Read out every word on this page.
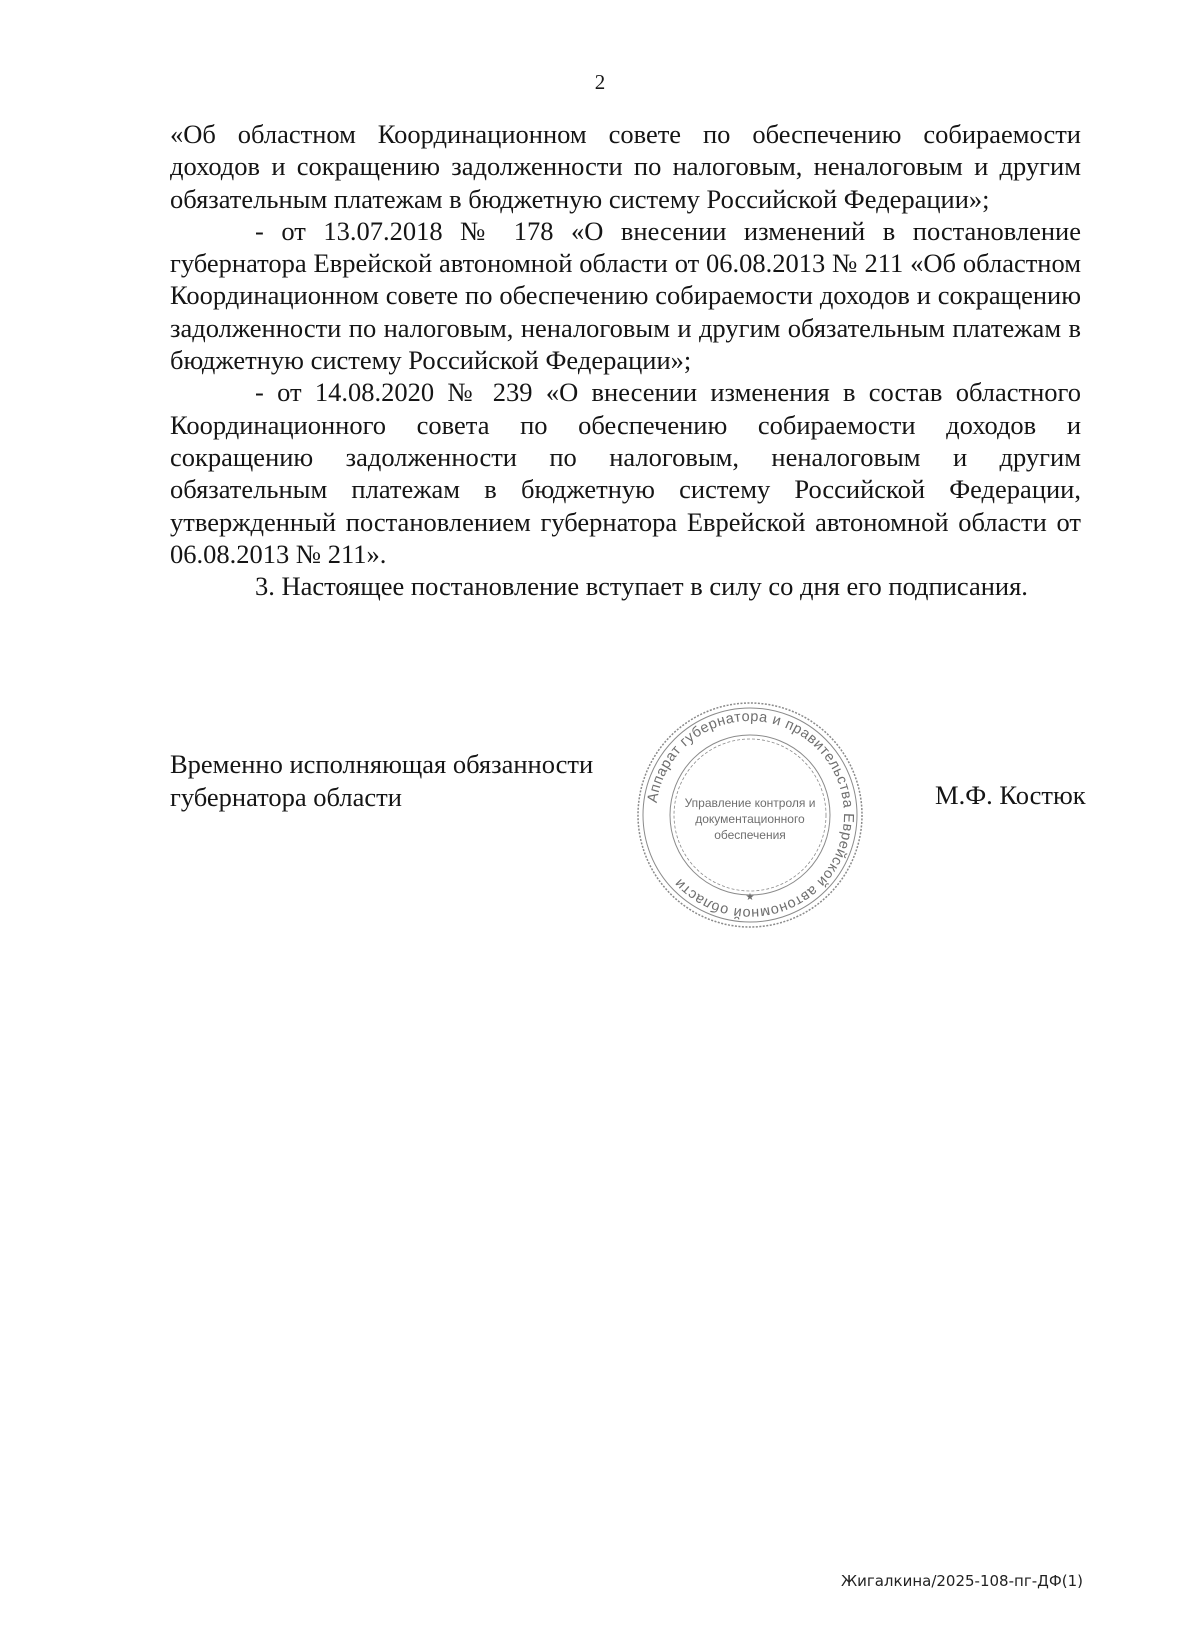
2

«Об областном Координационном совете по обеспечению собираемости доходов и сокращению задолженности по налоговым, неналоговым и другим обязательным платежам в бюджетную систему Российской Федерации»;

- от 13.07.2018 № 178 «О внесении изменений в постановление губернатора Еврейской автономной области от 06.08.2013 № 211 «Об областном Координационном совете по обеспечению собираемости доходов и сокращению задолженности по налоговым, неналоговым и другим обязательным платежам в бюджетную систему Российской Федерации»;

- от 14.08.2020 № 239 «О внесении изменения в состав областного Координационного совета по обеспечению собираемости доходов и сокращению задолженности по налоговым, неналоговым и другим обязательным платежам в бюджетную систему Российской Федерации, утвержденный постановлением губернатора Еврейской автономной области от 06.08.2013 № 211».

3. Настоящее постановление вступает в силу со дня его подписания.

Временно исполняющая обязанности
губернатора области	Аппарат губернатора и правительства Еврейской автономной области
Управление контроля и
документационного
обеспечения
★
М.Ф. Костюк
Жигалкина/2025-108-пг-ДФ(1)
